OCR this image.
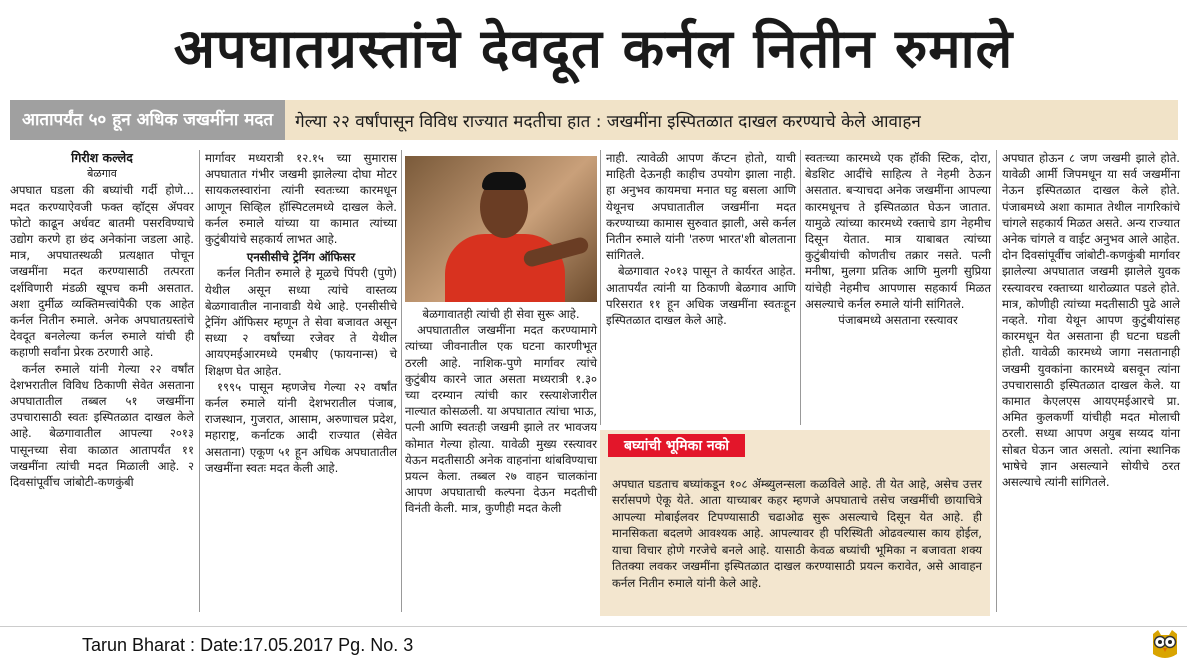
अपघातग्रस्तांचे देवदूत कर्नल नितीन रुमाले
आतापर्यंत ५० हून अधिक जखमींना मदत	गेल्या २२ वर्षांपासून विविध राज्यात मदतीचा हात : जखमींना इस्पितळात दाखल करण्याचे केले आवाहन

गिरीश कल्लेद

बेळगाव

अपघात घडला की बघ्यांची गर्दी होणे... मदत करण्याऐवजी फक्त व्हॉट्स ॲपवर फोटो काढून अर्धवट बातमी पसरविण्याचे उद्योग करणे हा छंद अनेकांना जडला आहे. मात्र, अपघातस्थळी प्रत्यक्षात पोचून जखमींना मदत करण्यासाठी तत्परता दर्शविणारी मंडळी खूपच कमी असतात. अशा दुर्मीळ व्यक्तिमत्त्वांपैकी एक आहेत कर्नल नितीन रुमाले. अनेक अपघातग्रस्तांचे देवदूत बनलेल्या कर्नल रुमाले यांची ही कहाणी सर्वांना प्रेरक ठरणारी आहे.

कर्नल रुमाले यांनी गेल्या २२ वर्षांत देशभरातील विविध ठिकाणी सेवेत असताना अपघातातील तब्बल ५१ जखमींना उपचारासाठी स्वतः इस्पितळात दाखल केले आहे. बेळगावातील आपल्या २०१३ पासूनच्या सेवा काळात आतापर्यंत ११ जखमींना त्यांची मदत मिळाली आहे. २ दिवसांपूर्वीच जांबोटी-कणकुंबी

मार्गावर मध्यरात्री १२.१५ च्या सुमारास अपघातात गंभीर जखमी झालेल्या दोघा मोटर सायकलस्वारांना त्यांनी स्वतःच्या कारमधून आणून सिव्हिल हॉस्पिटलमध्ये दाखल केले. कर्नल रुमाले यांच्या या कामात त्यांच्या कुटुंबीयांचे सहकार्य लाभत आहे.

एनसीसीचे ट्रेनिंग ऑफिसर

कर्नल नितीन रुमाले हे मूळचे पिंपरी (पुणे) येथील असून सध्या त्यांचे वास्तव्य बेळगावातील नानावाडी येथे आहे. एनसीसीचे ट्रेनिंग ऑफिसर म्हणून ते सेवा बजावत असून सध्या २ वर्षांच्या रजेवर ते येथील आयएमईआरमध्ये एमबीए (फायनान्स) चे शिक्षण घेत आहेत.

१९९५ पासून म्हणजेच गेल्या २२ वर्षांत कर्नल रुमाले यांनी देशभरातील पंजाब, राजस्थान, गुजरात, आसाम, अरुणाचल प्रदेश, महाराष्ट्र, कर्नाटक आदी राज्यात (सेवेत असताना) एकूण ५१ हून अधिक अपघातातील जखमींना स्वतः मदत केली आहे.

बेळगावातही त्यांची ही सेवा सुरू आहे.

अपघातातील जखमींना मदत करण्यामागे त्यांच्या जीवनातील एक घटना कारणीभूत ठरली आहे. नाशिक-पुणे मार्गावर त्यांचे कुटुंबीय कारने जात असता मध्यरात्री १.३० च्या दरम्यान त्यांची कार रस्त्याशेजारील नाल्यात कोसळली. या अपघातात त्यांचा भाऊ, पत्नी आणि स्वतःही जखमी झाले तर भावजय कोमात गेल्या होत्या. यावेळी मुख्य रस्त्यावर येऊन मदतीसाठी अनेक वाहनांना थांबविण्याचा प्रयत्न केला. तब्बल २७ वाहन चालकांना आपण अपघाताची कल्पना देऊन मदतीची विनंती केली. मात्र, कुणीही मदत केली

नाही. त्यावेळी आपण कॅप्टन होतो, याची माहिती देऊनही काहीच उपयोग झाला नाही. हा अनुभव कायमचा मनात घट्ट बसला आणि येथूनच अपघातातील जखमींना मदत करण्याच्या कामास सुरुवात झाली, असे कर्नल नितीन रुमाले यांनी 'तरुण भारत'शी बोलताना सांगितले.

बेळगावात २०१३ पासून ते कार्यरत आहेत. आतापर्यंत त्यांनी या ठिकाणी बेळगाव आणि परिसरात ११ हून अधिक जखमींना स्वतःहून इस्पितळात दाखल केले आहे.

स्वतःच्या कारमध्ये एक हॉकी स्टिक, दोरा, बेडशिट आदींचे साहित्य ते नेहमी ठेऊन असतात. बऱ्याचदा अनेक जखमींना आपल्या कारमधूनच ते इस्पितळात घेऊन जातात. यामुळे त्यांच्या कारमध्ये रक्ताचे डाग नेहमीच दिसून येतात. मात्र याबाबत त्यांच्या कुटुंबीयांची कोणतीच तक्रार नसते. पत्नी मनीषा, मुलगा प्रतिक आणि मुलगी सुप्रिया यांचेही नेहमीच आपणास सहकार्य मिळत असल्याचे कर्नल रुमाले यांनी सांगितले.

पंजाबमध्ये असताना रस्त्यावर

अपघात होऊन ८ जण जखमी झाले होते. यावेळी आर्मी जिपमधून या सर्व जखमींना नेऊन इस्पितळात दाखल केले होते. पंजाबमध्ये अशा कामात तेथील नागरिकांचे चांगले सहकार्य मिळत असते. अन्य राज्यात अनेक चांगले व वाईट अनुभव आले आहेत. दोन दिवसांपूर्वीच जांबोटी-कणकुंबी मार्गावर झालेल्या अपघातात जखमी झालेले युवक रस्त्यावरच रक्ताच्या थारोळ्यात पडले होते. मात्र, कोणीही त्यांच्या मदतीसाठी पुढे आले नव्हते. गोवा येथून आपण कुटुंबीयांसह कारमधून येत असताना ही घटना घडली होती. यावेळी कारमध्ये जागा नसतानाही जखमी युवकांना कारमध्ये बसवून त्यांना उपचारासाठी इस्पितळात दाखल केले. या कामात केएलएस आयएमईआरचे प्रा. अमित कुलकर्णी यांचीही मदत मोलाची ठरली. सध्या आपण अयुब सय्यद यांना सोबत घेऊन जात असतो. त्यांना स्थानिक भाषेचे ज्ञान असल्याने सोयीचे ठरत असल्याचे त्यांनी सांगितले.

बघ्यांची भूमिका नको

अपघात घडताच बघ्यांकडून १०८ ॲम्ब्युलन्सला कळविले आहे. ती येत आहे, असेच उत्तर सर्रासपणे ऐकू येते. आता याच्याबर कहर म्हणजे अपघाताचे तसेच जखमींची छायाचित्रे आपल्या मोबाईलवर टिपण्यासाठी चढाओढ सुरू असल्याचे दिसून येत आहे. ही मानसिकता बदलणे आवश्यक आहे. आपल्यावर ही परिस्थिती ओढवल्यास काय होईल, याचा विचार होणे गरजेचे बनले आहे. यासाठी केवळ बघ्यांची भूमिका न बजावता शक्य तितक्या लवकर जखमींना इस्पितळात दाखल करण्यासाठी प्रयत्न करावेत, असे आवाहन कर्नल नितीन रुमाले यांनी केले आहे.

Tarun Bharat : Date:17.05.2017 Pg. No. 3
